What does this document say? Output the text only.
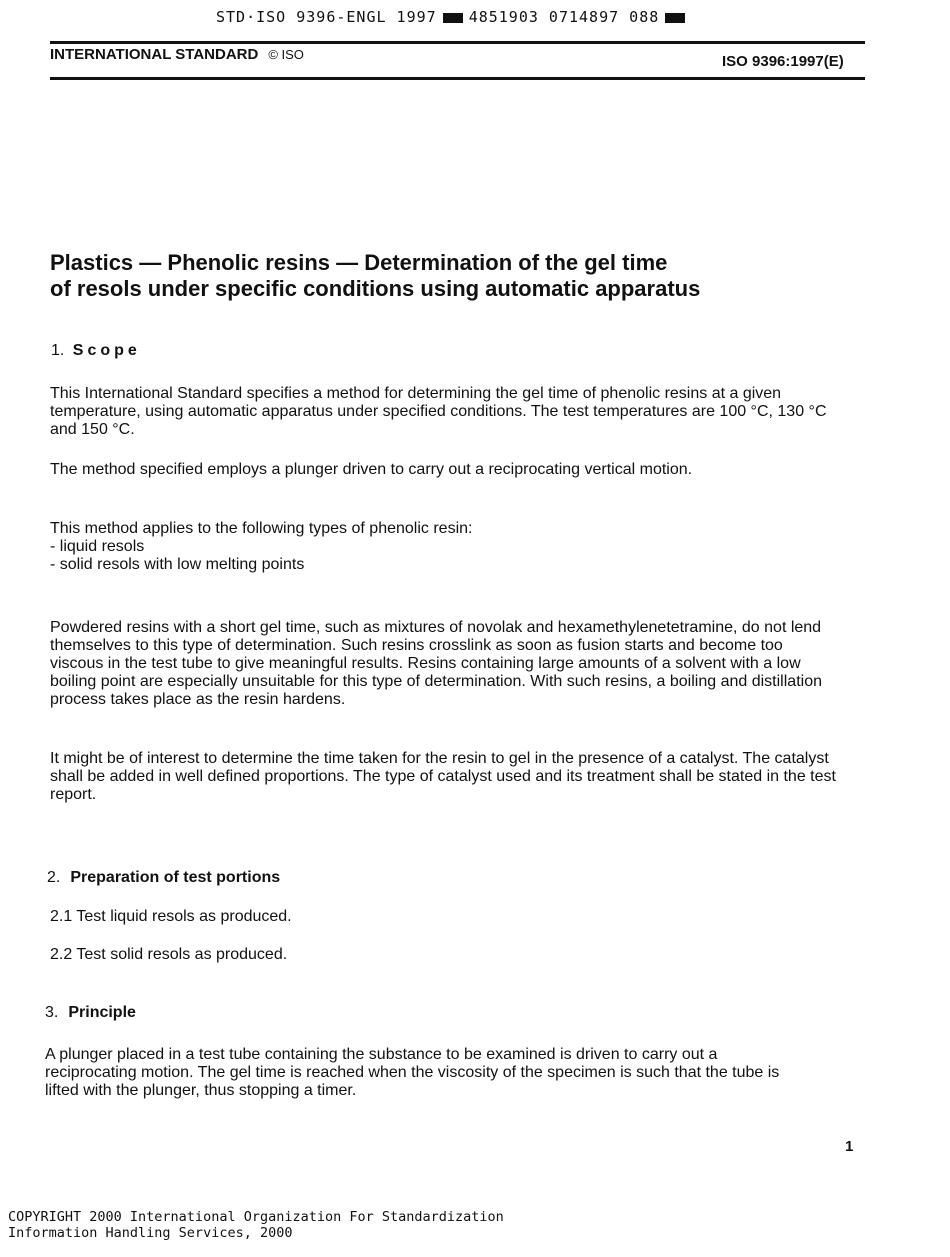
STD·ISO 9396-ENGL 1997 4851903 0714897 088
INTERNATIONAL STANDARD © ISO	ISO 9396:1997(E)
Plastics — Phenolic resins — Determination of the gel time
of resols under specific conditions using automatic apparatus
1. Scope
This International Standard specifies a method for determining the gel time of phenolic resins at a given temperature, using automatic apparatus under specified conditions. The test temperatures are 100 °C, 130 °C and 150 °C.
The method specified employs a plunger driven to carry out a reciprocating vertical motion.
This method applies to the following types of phenolic resin:
- liquid resols
- solid resols with low melting points
Powdered resins with a short gel time, such as mixtures of novolak and hexamethylenetetramine, do not lend themselves to this type of determination. Such resins crosslink as soon as fusion starts and become too viscous in the test tube to give meaningful results. Resins containing large amounts of a solvent with a low boiling point are especially unsuitable for this type of determination. With such resins, a boiling and distillation process takes place as the resin hardens.
It might be of interest to determine the time taken for the resin to gel in the presence of a catalyst. The catalyst shall be added in well defined proportions. The type of catalyst used and its treatment shall be stated in the test report.
2. Preparation of test portions
2.1 Test liquid resols as produced.
2.2 Test solid resols as produced.
3. Principle
A plunger placed in a test tube containing the substance to be examined is driven to carry out a reciprocating motion. The gel time is reached when the viscosity of the specimen is such that the tube is lifted with the plunger, thus stopping a timer.
1
COPYRIGHT 2000 International Organization For Standardization
Information Handling Services, 2000
